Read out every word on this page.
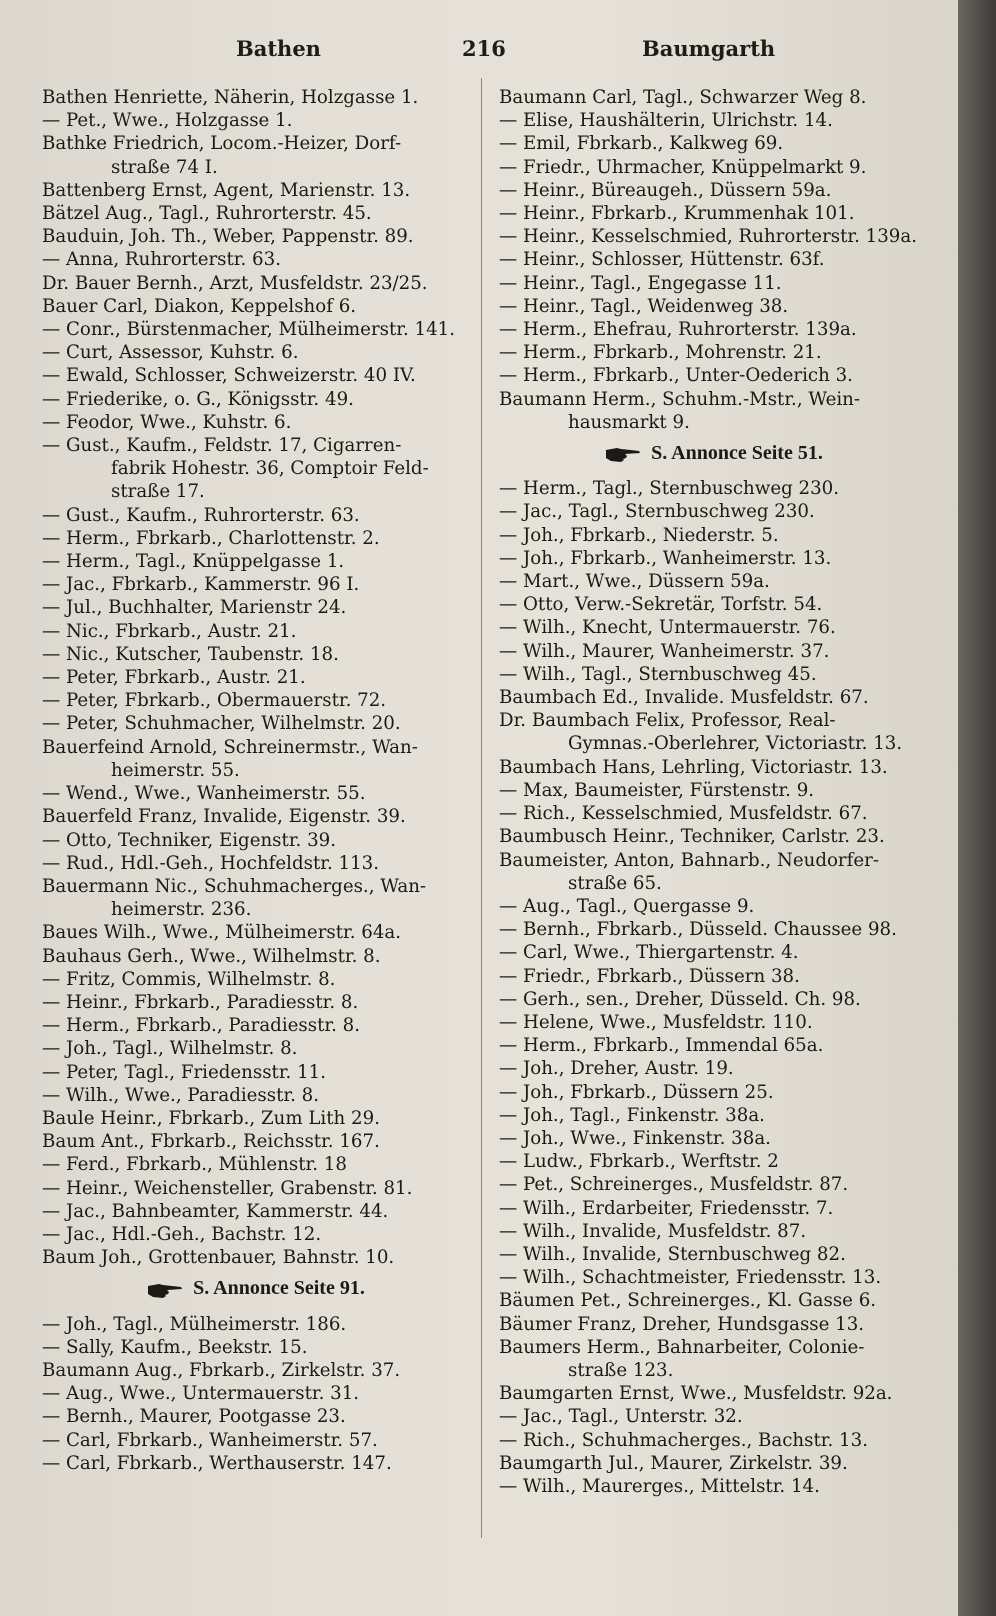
Bathen	216	Baumgarth
Bathen Henriette, Näherin, Holzgasse 1.
— Pet., Wwe., Holzgasse 1.
Bathke Friedrich, Locom.-Heizer, Dorf-
straße 74 I.
Battenberg Ernst, Agent, Marienstr. 13.
Bätzel Aug., Tagl., Ruhrorterstr. 45.
Bauduin, Joh. Th., Weber, Pappenstr. 89.
— Anna, Ruhrorterstr. 63.
Dr. Bauer Bernh., Arzt, Musfeldstr. 23/25.
Bauer Carl, Diakon, Keppelshof 6.
— Conr., Bürstenmacher, Mülheimerstr. 141.
— Curt, Assessor, Kuhstr. 6.
— Ewald, Schlosser, Schweizerstr. 40 IV.
— Friederike, o. G., Königsstr. 49.
— Feodor, Wwe., Kuhstr. 6.
— Gust., Kaufm., Feldstr. 17, Cigarren-
fabrik Hohestr. 36, Comptoir Feld-
straße 17.
— Gust., Kaufm., Ruhrorterstr. 63.
— Herm., Fbrkarb., Charlottenstr. 2.
— Herm., Tagl., Knüppelgasse 1.
— Jac., Fbrkarb., Kammerstr. 96 I.
— Jul., Buchhalter, Marienstr 24.
— Nic., Fbrkarb., Austr. 21.
— Nic., Kutscher, Taubenstr. 18.
— Peter, Fbrkarb., Austr. 21.
— Peter, Fbrkarb., Obermauerstr. 72.
— Peter, Schuhmacher, Wilhelmstr. 20.
Bauerfeind Arnold, Schreinermstr., Wan-
heimerstr. 55.
— Wend., Wwe., Wanheimerstr. 55.
Bauerfeld Franz, Invalide, Eigenstr. 39.
— Otto, Techniker, Eigenstr. 39.
— Rud., Hdl.-Geh., Hochfeldstr. 113.
Bauermann Nic., Schuhmacherges., Wan-
heimerstr. 236.
Baues Wilh., Wwe., Mülheimerstr. 64a.
Bauhaus Gerh., Wwe., Wilhelmstr. 8.
— Fritz, Commis, Wilhelmstr. 8.
— Heinr., Fbrkarb., Paradiesstr. 8.
— Herm., Fbrkarb., Paradiesstr. 8.
— Joh., Tagl., Wilhelmstr. 8.
— Peter, Tagl., Friedensstr. 11.
— Wilh., Wwe., Paradiesstr. 8.
Baule Heinr., Fbrkarb., Zum Lith 29.
Baum Ant., Fbrkarb., Reichsstr. 167.
— Ferd., Fbrkarb., Mühlenstr. 18
— Heinr., Weichensteller, Grabenstr. 81.
— Jac., Bahnbeamter, Kammerstr. 44.
— Jac., Hdl.-Geh., Bachstr. 12.
Baum Joh., Grottenbauer, Bahnstr. 10.
S. Annonce Seite 91.
— Joh., Tagl., Mülheimerstr. 186.
— Sally, Kaufm., Beekstr. 15.
Baumann Aug., Fbrkarb., Zirkelstr. 37.
— Aug., Wwe., Untermauerstr. 31.
— Bernh., Maurer, Pootgasse 23.
— Carl, Fbrkarb., Wanheimerstr. 57.
— Carl, Fbrkarb., Werthauserstr. 147.
Baumann Carl, Tagl., Schwarzer Weg 8.
— Elise, Haushälterin, Ulrichstr. 14.
— Emil, Fbrkarb., Kalkweg 69.
— Friedr., Uhrmacher, Knüppelmarkt 9.
— Heinr., Büreaugeh., Düssern 59a.
— Heinr., Fbrkarb., Krummenhak 101.
— Heinr., Kesselschmied, Ruhrorterstr. 139a.
— Heinr., Schlosser, Hüttenstr. 63f.
— Heinr., Tagl., Engegasse 11.
— Heinr., Tagl., Weidenweg 38.
— Herm., Ehefrau, Ruhrorterstr. 139a.
— Herm., Fbrkarb., Mohrenstr. 21.
— Herm., Fbrkarb., Unter-Oederich 3.
Baumann Herm., Schuhm.-Mstr., Wein-
hausmarkt 9.
S. Annonce Seite 51.
— Herm., Tagl., Sternbuschweg 230.
— Jac., Tagl., Sternbuschweg 230.
— Joh., Fbrkarb., Niederstr. 5.
— Joh., Fbrkarb., Wanheimerstr. 13.
— Mart., Wwe., Düssern 59a.
— Otto, Verw.-Sekretär, Torfstr. 54.
— Wilh., Knecht, Untermauerstr. 76.
— Wilh., Maurer, Wanheimerstr. 37.
— Wilh., Tagl., Sternbuschweg 45.
Baumbach Ed., Invalide. Musfeldstr. 67.
Dr. Baumbach Felix, Professor, Real-
Gymnas.-Oberlehrer, Victoriastr. 13.
Baumbach Hans, Lehrling, Victoriastr. 13.
— Max, Baumeister, Fürstenstr. 9.
— Rich., Kesselschmied, Musfeldstr. 67.
Baumbusch Heinr., Techniker, Carlstr. 23.
Baumeister, Anton, Bahnarb., Neudorfer-
straße 65.
— Aug., Tagl., Quergasse 9.
— Bernh., Fbrkarb., Düsseld. Chaussee 98.
— Carl, Wwe., Thiergartenstr. 4.
— Friedr., Fbrkarb., Düssern 38.
— Gerh., sen., Dreher, Düsseld. Ch. 98.
— Helene, Wwe., Musfeldstr. 110.
— Herm., Fbrkarb., Immendal 65a.
— Joh., Dreher, Austr. 19.
— Joh., Fbrkarb., Düssern 25.
— Joh., Tagl., Finkenstr. 38a.
— Joh., Wwe., Finkenstr. 38a.
— Ludw., Fbrkarb., Werftstr. 2
— Pet., Schreinerges., Musfeldstr. 87.
— Wilh., Erdarbeiter, Friedensstr. 7.
— Wilh., Invalide, Musfeldstr. 87.
— Wilh., Invalide, Sternbuschweg 82.
— Wilh., Schachtmeister, Friedensstr. 13.
Bäumen Pet., Schreinerges., Kl. Gasse 6.
Bäumer Franz, Dreher, Hundsgasse 13.
Baumers Herm., Bahnarbeiter, Colonie-
straße 123.
Baumgarten Ernst, Wwe., Musfeldstr. 92a.
— Jac., Tagl., Unterstr. 32.
— Rich., Schuhmacherges., Bachstr. 13.
Baumgarth Jul., Maurer, Zirkelstr. 39.
— Wilh., Maurerges., Mittelstr. 14.
